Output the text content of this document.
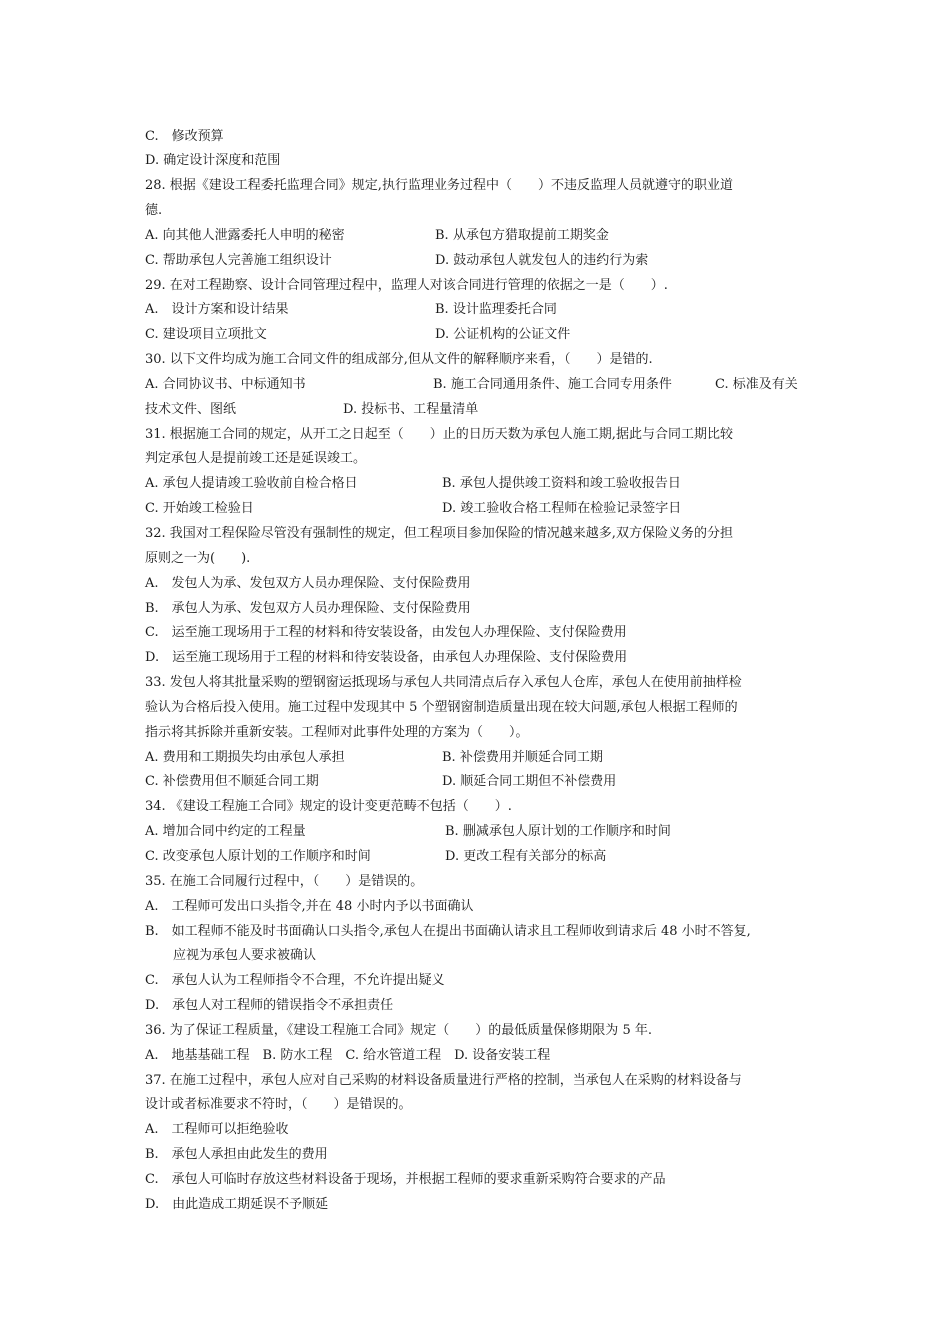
C.　修改预算
D. 确定设计深度和范围
28. 根据《建设工程委托监理合同》规定,执行监理业务过程中（　　）不违反监理人员就遵守的职业道
德.
A. 向其他人泄露委托人申明的秘密	B. 从承包方猎取提前工期奖金
C. 帮助承包人完善施工组织设计	D. 鼓动承包人就发包人的违约行为索
29. 在对工程勘察、设计合同管理过程中，监理人对该合同进行管理的依据之一是（　　）.
A.　设计方案和设计结果	B. 设计监理委托合同
C. 建设项目立项批文	D. 公证机构的公证文件
30. 以下文件均成为施工合同文件的组成部分,但从文件的解释顺序来看，（　　）是错的.
A. 合同协议书、中标通知书	B. 施工合同通用条件、施工合同专用条件	C. 标准及有关
技术文件、图纸	D. 投标书、工程量清单
31. 根据施工合同的规定，从开工之日起至（　　）止的日历天数为承包人施工期,据此与合同工期比较
判定承包人是提前竣工还是延误竣工。
A. 承包人提请竣工验收前自检合格日	B. 承包人提供竣工资料和竣工验收报告日
C. 开始竣工检验日	D. 竣工验收合格工程师在检验记录签字日
32. 我国对工程保险尽管没有强制性的规定，但工程项目参加保险的情况越来越多,双方保险义务的分担
原则之一为(　　).
A.　发包人为承、发包双方人员办理保险、支付保险费用
B.　承包人为承、发包双方人员办理保险、支付保险费用
C.　运至施工现场用于工程的材料和待安装设备，由发包人办理保险、支付保险费用
D.　运至施工现场用于工程的材料和待安装设备，由承包人办理保险、支付保险费用
33. 发包人将其批量采购的塑钢窗运抵现场与承包人共同清点后存入承包人仓库，承包人在使用前抽样检
验认为合格后投入使用。施工过程中发现其中 5 个塑钢窗制造质量出现在较大问题,承包人根据工程师的
指示将其拆除并重新安装。工程师对此事件处理的方案为（　　）。
A. 费用和工期损失均由承包人承担	B. 补偿费用并顺延合同工期
C. 补偿费用但不顺延合同工期	D. 顺延合同工期但不补偿费用
34. 《建设工程施工合同》规定的设计变更范畴不包括（　　）.
A. 增加合同中约定的工程量	B. 删减承包人原计划的工作顺序和时间
C. 改变承包人原计划的工作顺序和时间	D. 更改工程有关部分的标高
35. 在施工合同履行过程中，（　　）是错误的。
A.　工程师可发出口头指令,并在 48 小时内予以书面确认
B.　如工程师不能及时书面确认口头指令,承包人在提出书面确认请求且工程师收到请求后 48 小时不答复,
应视为承包人要求被确认
C.　承包人认为工程师指令不合理，不允许提出疑义
D.　承包人对工程师的错误指令不承担责任
36. 为了保证工程质量，《建设工程施工合同》规定（　　）的最低质量保修期限为 5 年.
A.　地基基础工程　B. 防水工程　C. 给水管道工程　D. 设备安装工程
37. 在施工过程中，承包人应对自己采购的材料设备质量进行严格的控制，当承包人在采购的材料设备与
设计或者标准要求不符时，（　　）是错误的。
A.　工程师可以拒绝验收
B.　承包人承担由此发生的费用
C.　承包人可临时存放这些材料设备于现场，并根据工程师的要求重新采购符合要求的产品
D.　由此造成工期延误不予顺延
